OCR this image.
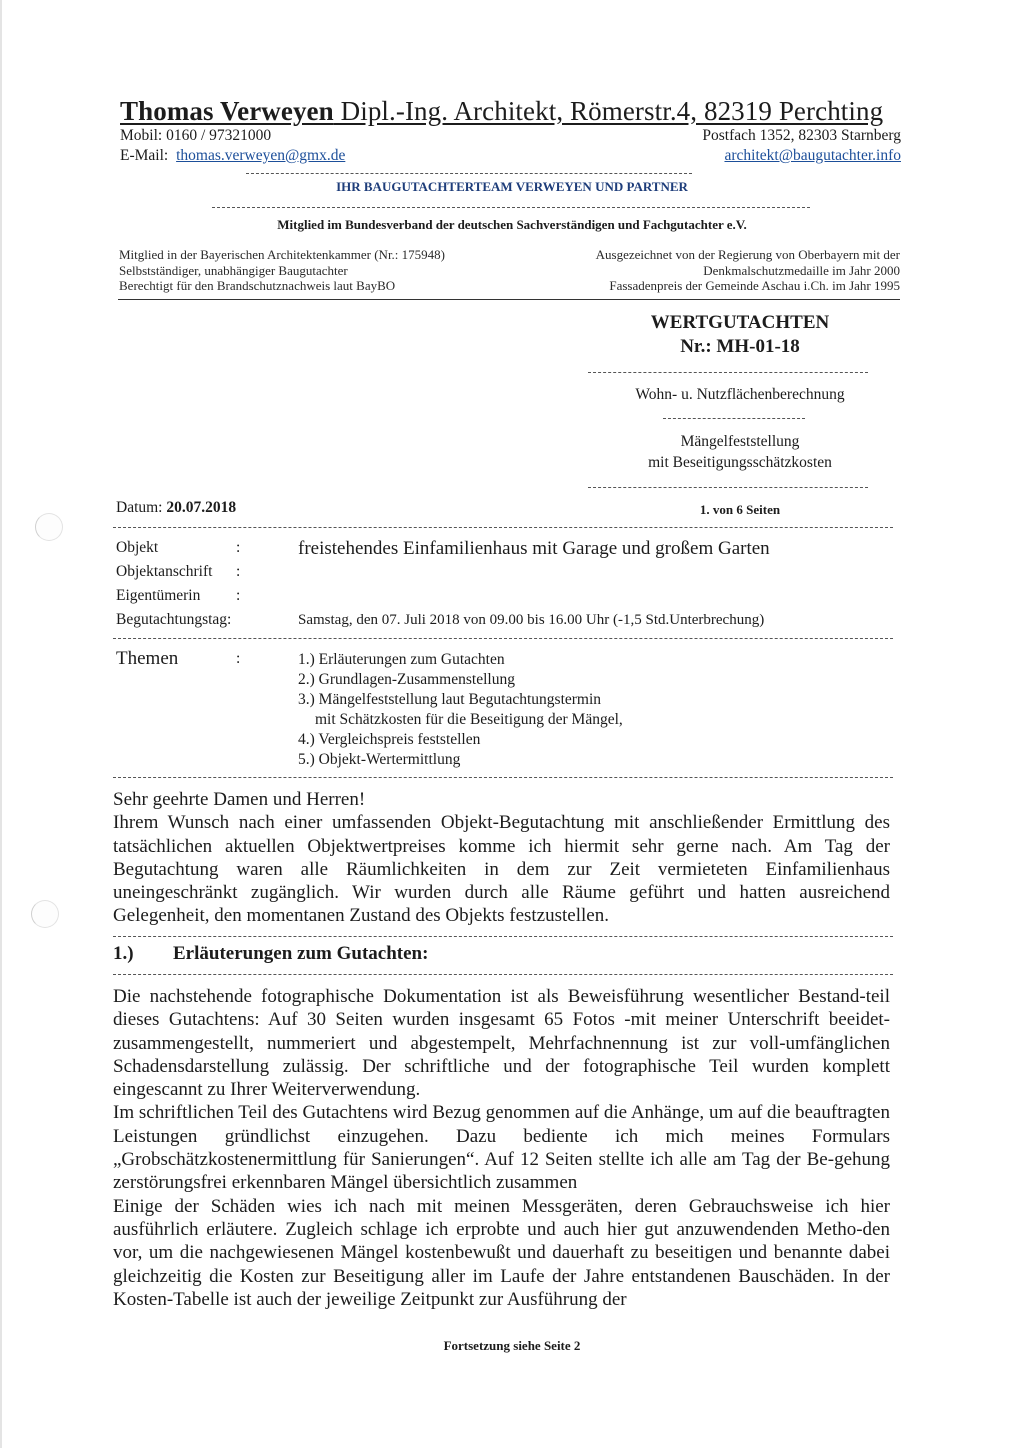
Thomas Verweyen Dipl.-Ing. Architekt, Römerstr.4, 82319 Perchting
Mobil: 0160 / 97321000	Postfach 1352, 82303 Starnberg
E-Mail: thomas.verweyen@gmx.de	architekt@baugutachter.info
IHR BAUGUTACHTERTEAM VERWEYEN UND PARTNER
Mitglied im Bundesverband der deutschen Sachverständigen und Fachgutachter e.V.
Mitglied in der Bayerischen Architektenkammer (Nr.: 175948)
Selbstständiger, unabhängiger Baugutachter
Berechtigt für den Brandschutznachweis laut BayBO
Ausgezeichnet von der Regierung von Oberbayern mit der
Denkmalschutzmedaille im Jahr 2000
Fassadenpreis der Gemeinde Aschau i.Ch. im Jahr 1995
WERTGUTACHTEN
Nr.: MH-01-18
Wohn- u. Nutzflächenberechnung
Mängelfeststellung
mit Beseitigungsschätzkosten
Datum: 20.07.2018	1. von 6 Seiten
Objekt	:	freistehendes Einfamilienhaus mit Garage und großem Garten
Objektanschrift :
Eigentümerin :
Begutachtungstag:	Samstag, den 07. Juli 2018 von 09.00 bis 16.00 Uhr (-1,5 Std.Unterbrechung)
Themen	:	1.) Erläuterungen zum Gutachten
2.) Grundlagen-Zusammenstellung
3.) Mängelfeststellung laut Begutachtungstermin
mit Schätzkosten für die Beseitigung der Mängel,
4.) Vergleichspreis feststellen
5.) Objekt-Wertermittlung

Sehr geehrte Damen und Herren!

Ihrem Wunsch nach einer umfassenden Objekt-Begutachtung mit anschließender Ermittlung des tatsächlichen aktuellen Objektwertpreises komme ich hiermit sehr gerne nach. Am Tag der Begutachtung waren alle Räumlichkeiten in dem zur Zeit vermieteten Einfamilienhaus uneingeschränkt zugänglich. Wir wurden durch alle Räume geführt und hatten ausreichend Gelegenheit, den momentanen Zustand des Objekts festzustellen.

1.) Erläuterungen zum Gutachten:

Die nachstehende fotographische Dokumentation ist als Beweisführung wesentlicher Bestand-teil dieses Gutachtens: Auf 30 Seiten wurden insgesamt 65 Fotos -mit meiner Unterschrift beeidet- zusammengestellt, nummeriert und abgestempelt, Mehrfachnennung ist zur voll-umfänglichen Schadensdarstellung zulässig. Der schriftliche und der fotographische Teil wurden komplett eingescannt zu Ihrer Weiterverwendung.

Im schriftlichen Teil des Gutachtens wird Bezug genommen auf die Anhänge, um auf die beauftragten Leistungen gründlichst einzugehen. Dazu bediente ich mich meines Formulars „Grobschätzkostenermittlung für Sanierungen“. Auf 12 Seiten stellte ich alle am Tag der Be-gehung zerstörungsfrei erkennbaren Mängel übersichtlich zusammen

Einige der Schäden wies ich nach mit meinen Messgeräten, deren Gebrauchsweise ich hier ausführlich erläutere. Zugleich schlage ich erprobte und auch hier gut anzuwendenden Metho-den vor, um die nachgewiesenen Mängel kostenbewußt und dauerhaft zu beseitigen und benannte dabei gleichzeitig die Kosten zur Beseitigung aller im Laufe der Jahre entstandenen Bauschäden. In der Kosten-Tabelle ist auch der jeweilige Zeitpunkt zur Ausführung der

Fortsetzung siehe Seite 2
